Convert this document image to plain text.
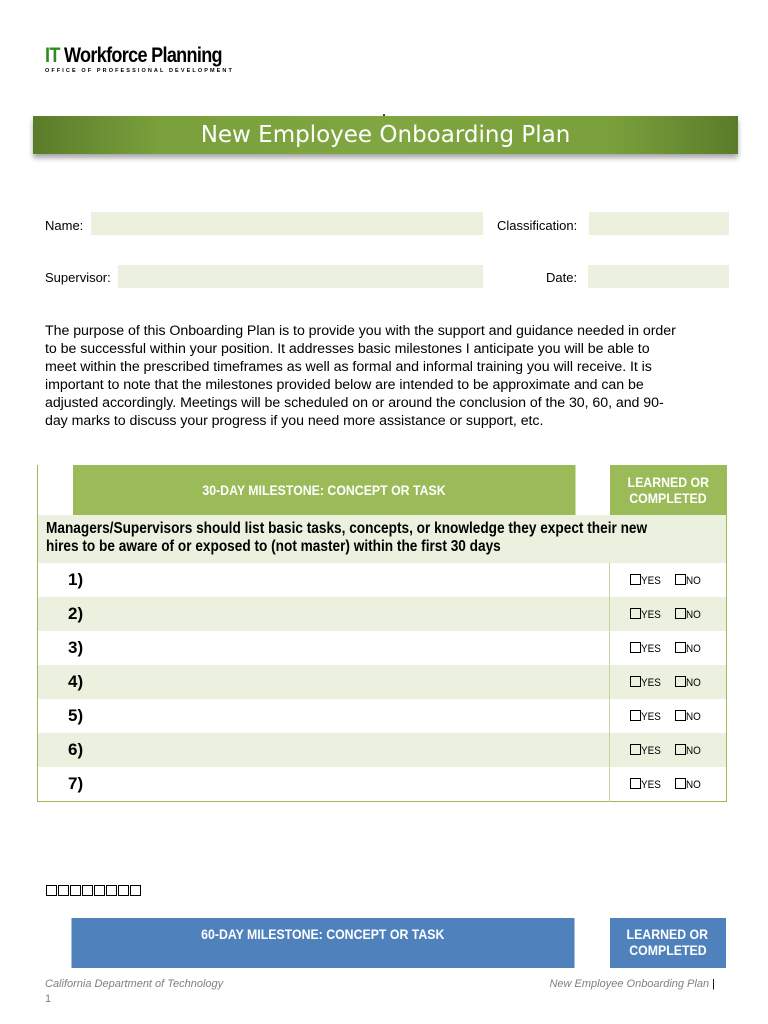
IT Workforce Planning
OFFICE OF PROFESSIONAL DEVELOPMENT
New Employee Onboarding Plan
Name:	Classification:
Supervisor:	Date:
The purpose of this Onboarding Plan is to provide you with the support and guidance needed in order
to be successful within your position. It addresses basic milestones I anticipate you will be able to
meet within the prescribed timeframes as well as formal and informal training you will receive. It is
important to note that the milestones provided below are intended to be approximate and can be
adjusted accordingly. Meetings will be scheduled on or around the conclusion of the 30, 60, and 90-
day marks to discuss your progress if you need more assistance or support, etc.
30-DAY MILESTONE: CONCEPT OR TASK	LEARNED OR
COMPLETED
Managers/Supervisors should list basic tasks, concepts, or knowledge they expect their new
hires to be aware of or exposed to (not master) within the first 30 days	
1)	YES NO
2)	YES NO
3)	YES NO
4)	YES NO
5)	YES NO
6)	YES NO
7)	YES NO
60-DAY MILESTONE: CONCEPT OR TASK	LEARNED OR
COMPLETED
California Department of Technology	New Employee Onboarding Plan |
1
